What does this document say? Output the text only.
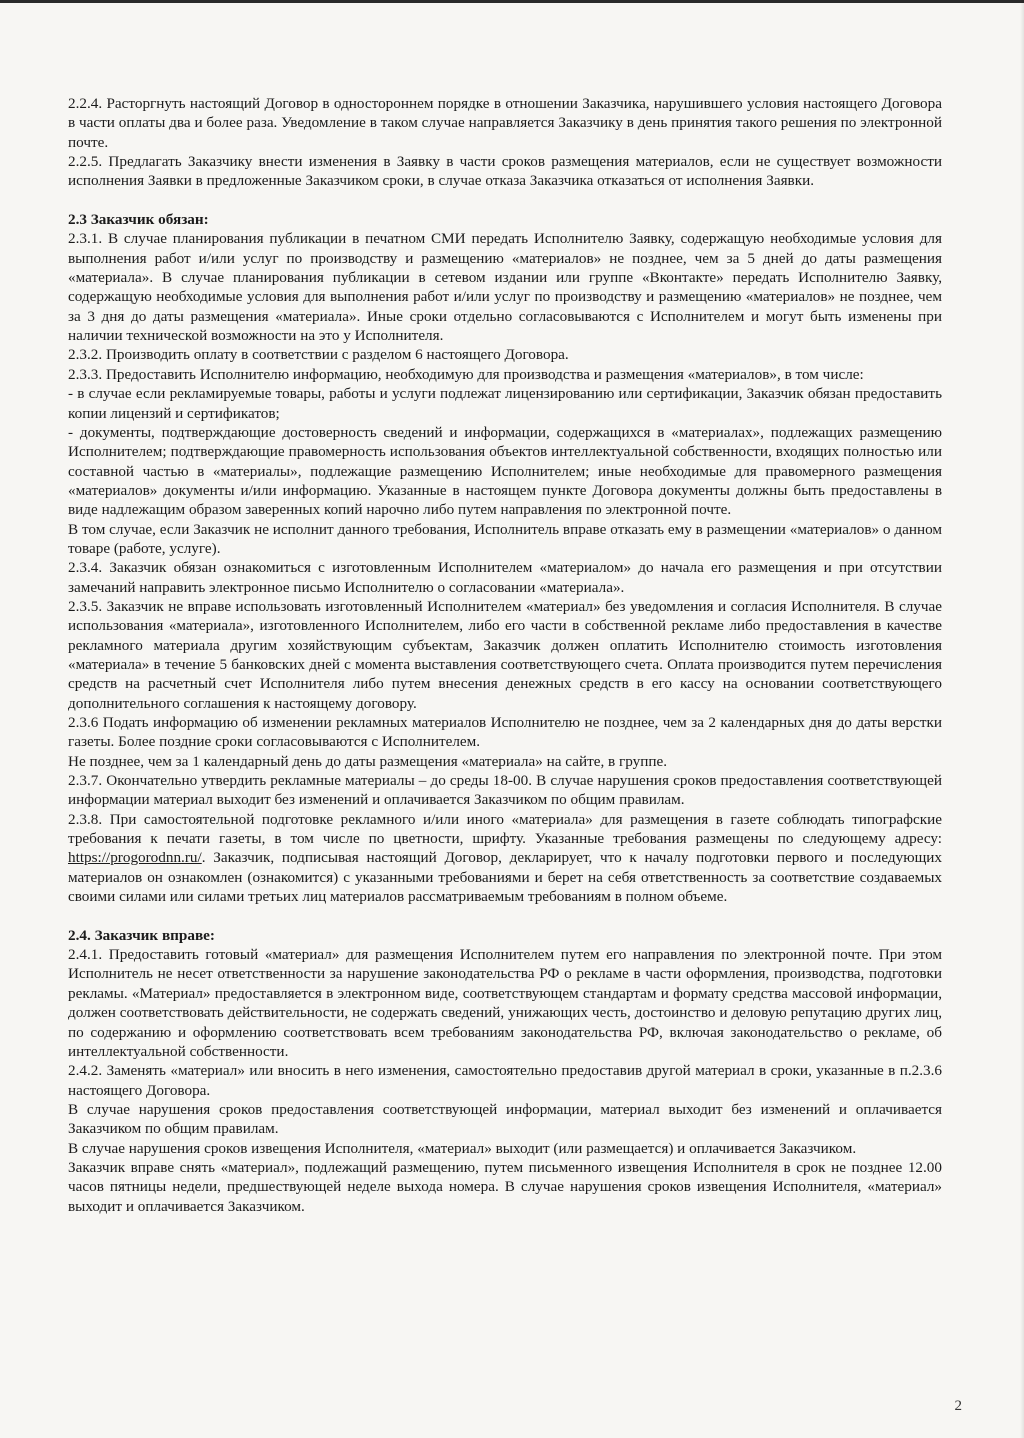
2.2.4. Расторгнуть настоящий Договор в одностороннем порядке в отношении Заказчика, нарушившего условия настоящего Договора в части оплаты два и более раза. Уведомление в таком случае направляется Заказчику в день принятия такого решения по электронной почте.

2.2.5. Предлагать Заказчику внести изменения в Заявку в части сроков размещения материалов, если не существует возможности исполнения Заявки в предложенные Заказчиком сроки, в случае отказа Заказчика отказаться от исполнения Заявки.

2.3 Заказчик обязан:

2.3.1. В случае планирования публикации в печатном СМИ передать Исполнителю Заявку, содержащую необходимые условия для выполнения работ и/или услуг по производству и размещению «материалов» не позднее, чем за 5 дней до даты размещения «материала». В случае планирования публикации в сетевом издании или группе «Вконтакте» передать Исполнителю Заявку, содержащую необходимые условия для выполнения работ и/или услуг по производству и размещению «материалов» не позднее, чем за 3 дня до даты размещения «материала». Иные сроки отдельно согласовываются с Исполнителем и могут быть изменены при наличии технической возможности на это у Исполнителя.

2.3.2. Производить оплату в соответствии с разделом 6 настоящего Договора.

2.3.3. Предоставить Исполнителю информацию, необходимую для производства и размещения «материалов», в том числе:

- в случае если рекламируемые товары, работы и услуги подлежат лицензированию или сертификации, Заказчик обязан предоставить копии лицензий и сертификатов;

- документы, подтверждающие достоверность сведений и информации, содержащихся в «материалах», подлежащих размещению Исполнителем; подтверждающие правомерность использования объектов интеллектуальной собственности, входящих полностью или составной частью в «материалы», подлежащие размещению Исполнителем; иные необходимые для правомерного размещения «материалов» документы и/или информацию. Указанные в настоящем пункте Договора документы должны быть предоставлены в виде надлежащим образом заверенных копий нарочно либо путем направления по электронной почте.

В том случае, если Заказчик не исполнит данного требования, Исполнитель вправе отказать ему в размещении «материалов» о данном товаре (работе, услуге).

2.3.4. Заказчик обязан ознакомиться с изготовленным Исполнителем «материалом» до начала его размещения и при отсутствии замечаний направить электронное письмо Исполнителю о согласовании «материала».

2.3.5. Заказчик не вправе использовать изготовленный Исполнителем «материал» без уведомления и согласия Исполнителя. В случае использования «материала», изготовленного Исполнителем, либо его части в собственной рекламе либо предоставления в качестве рекламного материала другим хозяйствующим субъектам, Заказчик должен оплатить Исполнителю стоимость изготовления «материала» в течение 5 банковских дней с момента выставления соответствующего счета. Оплата производится путем перечисления средств на расчетный счет Исполнителя либо путем внесения денежных средств в его кассу на основании соответствующего дополнительного соглашения к настоящему договору.

2.3.6 Подать информацию об изменении рекламных материалов Исполнителю не позднее, чем за 2 календарных дня до даты верстки газеты. Более поздние сроки согласовываются с Исполнителем.

Не позднее, чем за 1 календарный день до даты размещения «материала» на сайте, в группе.

2.3.7. Окончательно утвердить рекламные материалы – до среды 18-00. В случае нарушения сроков предоставления соответствующей информации материал выходит без изменений и оплачивается Заказчиком по общим правилам.

2.3.8. При самостоятельной подготовке рекламного и/или иного «материала» для размещения в газете соблюдать типографские требования к печати газеты, в том числе по цветности, шрифту. Указанные требования размещены по следующему адресу: https://progorodnn.ru/. Заказчик, подписывая настоящий Договор, декларирует, что к началу подготовки первого и последующих материалов он ознакомлен (ознакомится) с указанными требованиями и берет на себя ответственность за соответствие создаваемых своими силами или силами третьих лиц материалов рассматриваемым требованиям в полном объеме.

2.4. Заказчик вправе:

2.4.1. Предоставить готовый «материал» для размещения Исполнителем путем его направления по электронной почте. При этом Исполнитель не несет ответственности за нарушение законодательства РФ о рекламе в части оформления, производства, подготовки рекламы. «Материал» предоставляется в электронном виде, соответствующем стандартам и формату средства массовой информации, должен соответствовать действительности, не содержать сведений, унижающих честь, достоинство и деловую репутацию других лиц, по содержанию и оформлению соответствовать всем требованиям законодательства РФ, включая законодательство о рекламе, об интеллектуальной собственности.

2.4.2. Заменять «материал» или вносить в него изменения, самостоятельно предоставив другой материал в сроки, указанные в п.2.3.6 настоящего Договора.

В случае нарушения сроков предоставления соответствующей информации, материал выходит без изменений и оплачивается Заказчиком по общим правилам.

В случае нарушения сроков извещения Исполнителя, «материал» выходит (или размещается) и оплачивается Заказчиком.

Заказчик вправе снять «материал», подлежащий размещению, путем письменного извещения Исполнителя в срок не позднее 12.00 часов пятницы недели, предшествующей неделе выхода номера. В случае нарушения сроков извещения Исполнителя, «материал» выходит и оплачивается Заказчиком.

2
